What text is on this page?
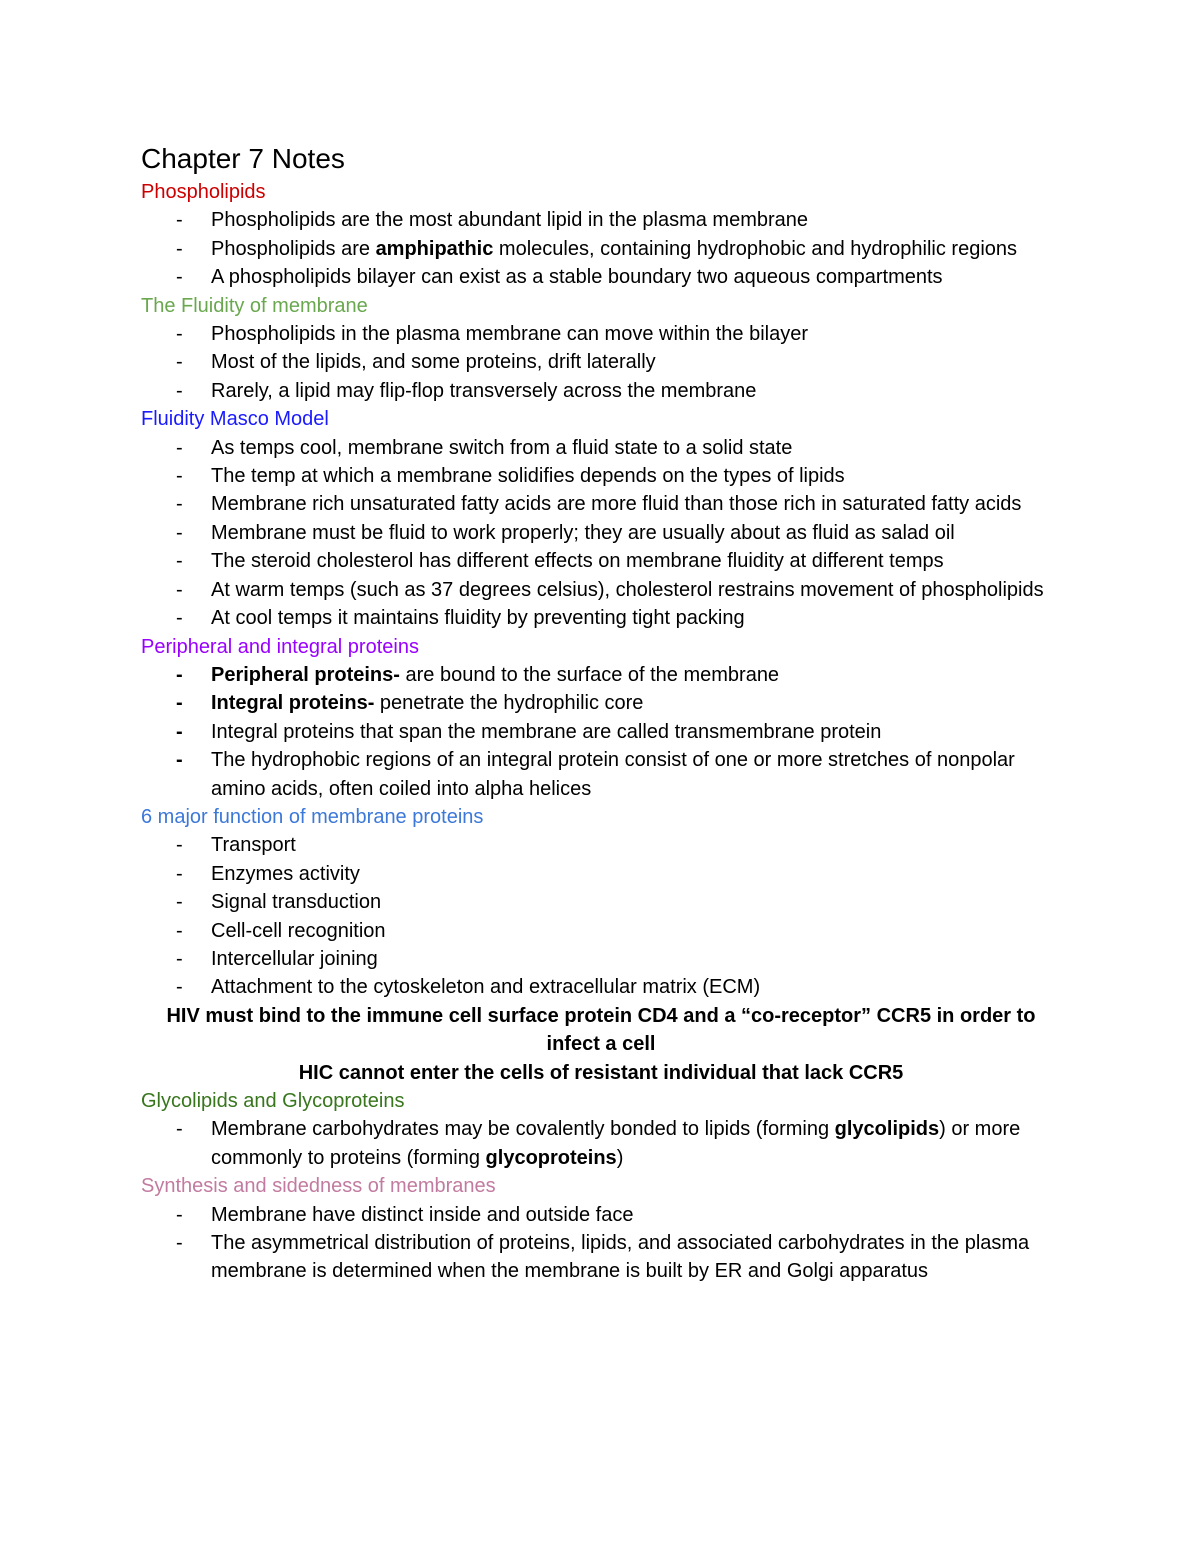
Chapter 7 Notes
Phospholipids
- Phospholipids are the most abundant lipid in the plasma membrane
- Phospholipids are amphipathic molecules, containing hydrophobic and hydrophilic regions
- A phospholipids bilayer can exist as a stable boundary two aqueous compartments
The Fluidity of membrane
- Phospholipids in the plasma membrane can move within the bilayer
- Most of the lipids, and some proteins, drift laterally
- Rarely, a lipid may flip-flop transversely across the membrane
Fluidity Masco Model
- As temps cool, membrane switch from a fluid state to a solid state
- The temp at which a membrane solidifies depends on the types of lipids
- Membrane rich unsaturated fatty acids are more fluid than those rich in saturated fatty acids
- Membrane must be fluid to work properly; they are usually about as fluid as salad oil
- The steroid cholesterol has different effects on membrane fluidity at different temps
- At warm temps (such as 37 degrees celsius), cholesterol restrains movement of phospholipids
- At cool temps it maintains fluidity by preventing tight packing
Peripheral and integral proteins
- Peripheral proteins- are bound to the surface of the membrane
- Integral proteins- penetrate the hydrophilic core
- Integral proteins that span the membrane are called transmembrane protein
- The hydrophobic regions of an integral protein consist of one or more stretches of nonpolar amino acids, often coiled into alpha helices
6 major function of membrane proteins
- Transport
- Enzymes activity
- Signal transduction
- Cell-cell recognition
- Intercellular joining
- Attachment to the cytoskeleton and extracellular matrix (ECM)

HIV must bind to the immune cell surface protein CD4 and a “co-receptor” CCR5 in order to infect a cell

HIC cannot enter the cells of resistant individual that lack CCR5

Glycolipids and Glycoproteins
- Membrane carbohydrates may be covalently bonded to lipids (forming glycolipids) or more commonly to proteins (forming glycoproteins)
Synthesis and sidedness of membranes
- Membrane have distinct inside and outside face
- The asymmetrical distribution of proteins, lipids, and associated carbohydrates in the plasma membrane is determined when the membrane is built by ER and Golgi apparatus
